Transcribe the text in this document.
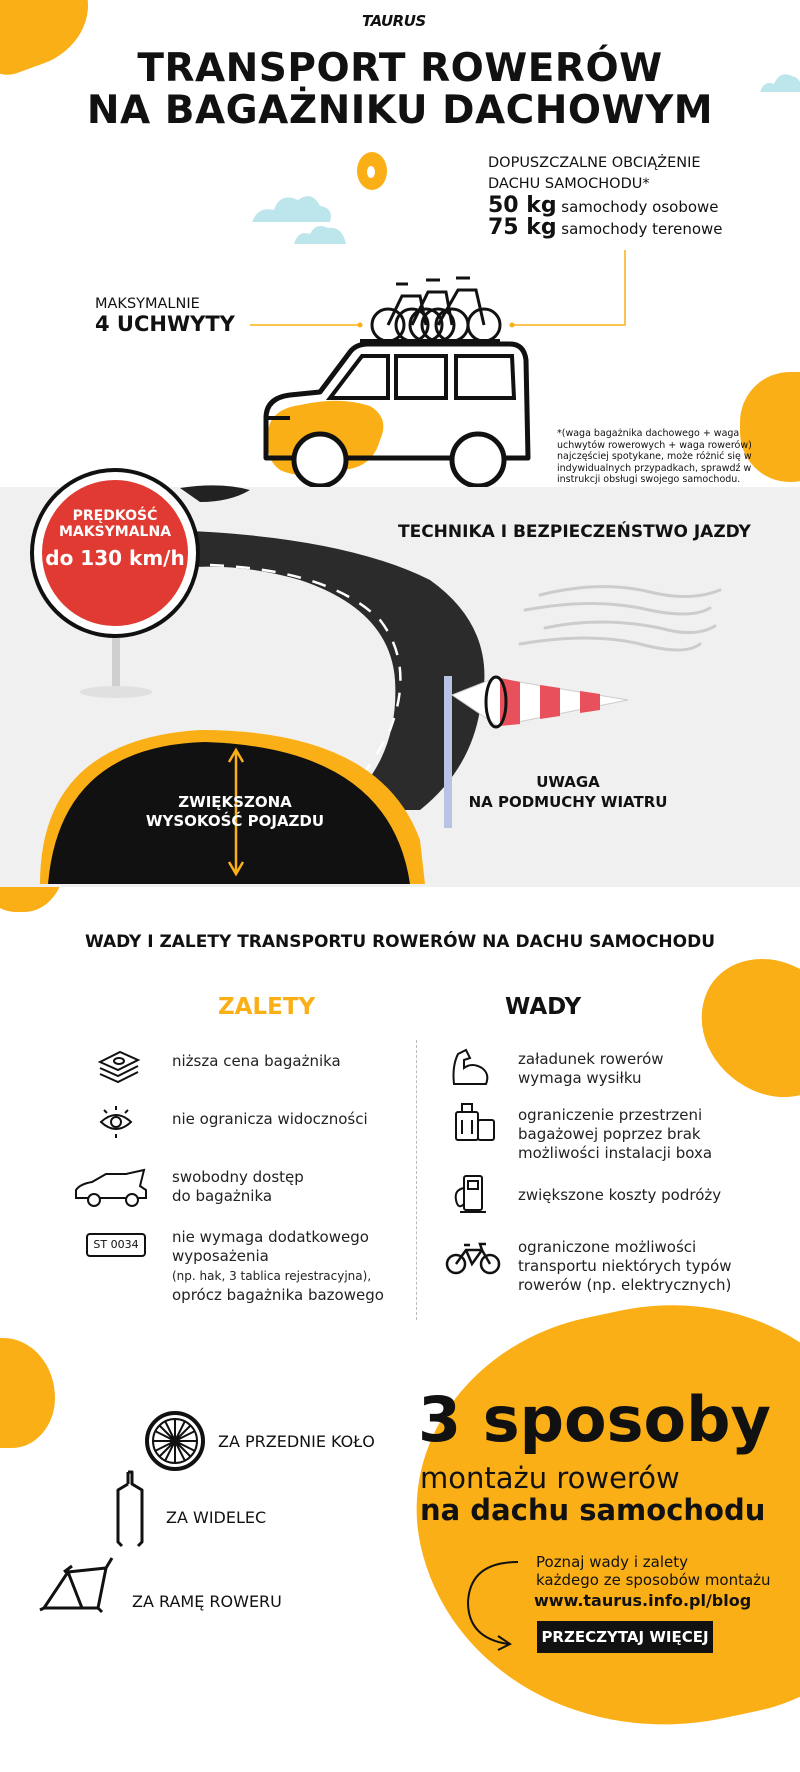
TAURUS
TRANSPORT ROWERÓW
NA BAGAŻNIKU DACHOWYM
DOPUSZCZALNE OBCIĄŻENIE
DACHU SAMOCHODU*
50 kg samochody osobowe
75 kg samochody terenowe
MAKSYMALNIE
4 UCHWYTY
*(waga bagażnika dachowego + waga uchwytów rowerowych + waga rowerów) najczęściej spotykane, może różnić się w indywidualnych przypadkach, sprawdź w instrukcji obsługi swojego samochodu.
TECHNIKA I BEZPIECZEŃSTWO JAZDY
PRĘDKOŚĆ
MAKSYMALNA
do 130 km/h
ZWIĘKSZONA
WYSOKOŚĆ POJAZDU
UWAGA
NA PODMUCHY WIATRU
WADY I ZALETY TRANSPORTU ROWERÓW NA DACHU SAMOCHODU
ZALETY	WADY
ST 0034
niższa cena bagażnika
nie ogranicza widoczności
swobodny dostęp
do bagażnika
nie wymaga dodatkowego
wyposażenia
(np. hak, 3 tablica rejestracyjna),
oprócz bagażnika bazowego
załadunek rowerów
wymaga wysiłku
ograniczenie przestrzeni
bagażowej poprzez brak
możliwości instalacji boxa
zwiększone koszty podróży
ograniczone możliwości
transportu niektórych typów
rowerów (np. elektrycznych)
ZA PRZEDNIE KOŁO
ZA WIDELEC
ZA RAMĘ ROWERU
3 sposoby
montażu rowerów
na dachu samochodu
Poznaj wady i zalety
każdego ze sposobów montażu
www.taurus.info.pl/blog
PRZECZYTAJ WIĘCEJ
